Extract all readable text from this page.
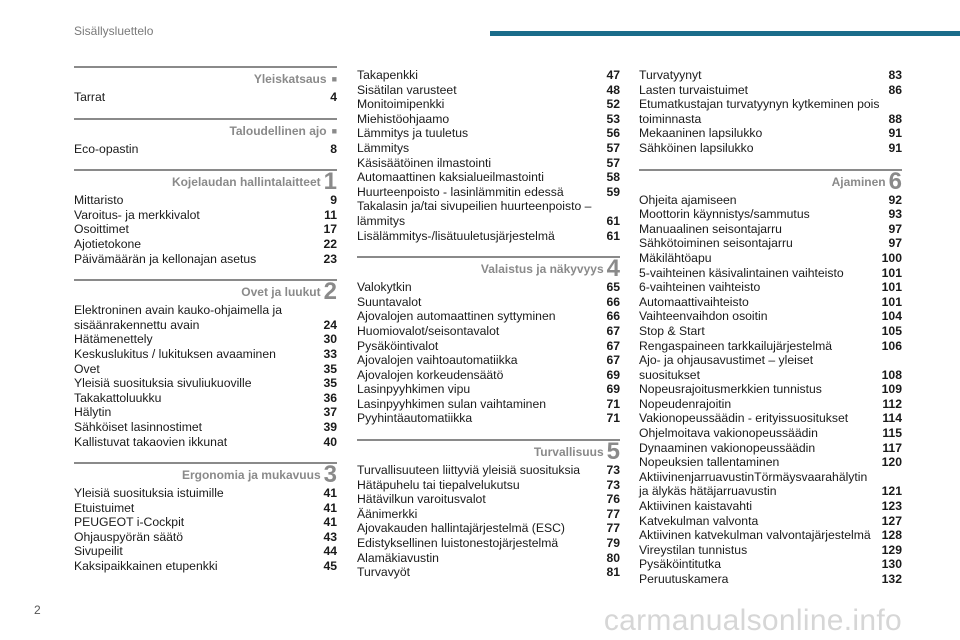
Sisällysluettelo
Yleiskatsaus ■
Tarrat	4
Taloudellinen ajo ■
Eco-opastin	8
Kojelaudan hallintalaitteet 1
Mittaristo	9
Varoitus- ja merkkivalot	11
Osoittimet	17
Ajotietokone	22
Päivämäärän ja kellonajan asetus	23
Ovet ja luukut 2
Elektroninen avain kauko-ohjaimella ja sisäänrakennettu avain	24
Hätämenettely	30
Keskuslukitus / lukituksen avaaminen	33
Ovet	35
Yleisiä suosituksia sivuliukuoville	35
Takakattoluukku	36
Hälytin	37
Sähköiset lasinnostimet	39
Kallistuvat takaovien ikkunat	40
Ergonomia ja mukavuus 3
Yleisiä suosituksia istuimille	41
Etuistuimet	41
PEUGEOT i-Cockpit	41
Ohjauspyörän säätö	43
Sivupeilit	44
Kaksipaikkainen etupenkki	45
Takapenkki	47
Sisätilan varusteet	48
Monitoimipenkki	52
Miehistöohjaamo	53
Lämmitys ja tuuletus	56
Lämmitys	57
Käsisäätöinen ilmastointi	57
Automaattinen kaksialueilmastointi	58
Huurteenpoisto - lasinlämmitin edessä	59
Takalasin ja/tai sivupeilien huurteenpoisto – lämmitys	61
Lisälämmitys-/lisätuuletusjärjestelmä	61
Valaistus ja näkyvyys 4
Valokytkin	65
Suuntavalot	66
Ajovalojen automaattinen syttyminen	66
Huomiovalot/seisontavalot	67
Pysäköintivalot	67
Ajovalojen vaihtoautomatiikka	67
Ajovalojen korkeudensäätö	69
Lasinpyyhkimen vipu	69
Lasinpyyhkimen sulan vaihtaminen	71
Pyyhintäautomatiikka	71
Turvallisuus 5
Turvallisuuteen liittyviä yleisiä suosituksia	73
Hätäpuhelu tai tiepalvelukutsu	73
Hätävilkun varoitusvalot	76
Äänimerkki	77
Ajovakauden hallintajärjestelmä (ESC)	77
Edistyksellinen luistonestojärjestelmä	79
Alamäkiavustin	80
Turvavyöt	81
Turvatyynyt	83
Lasten turvaistuimet	86
Etumatkustajan turvatyynyn kytkeminen pois toiminnasta	88
Mekaaninen lapsilukko	91
Sähköinen lapsilukko	91
Ajaminen 6
Ohjeita ajamiseen	92
Moottorin käynnistys/sammutus	93
Manuaalinen seisontajarru	97
Sähkötoiminen seisontajarru	97
Mäkilähtöapu	100
5-vaihteinen käsivalintainen vaihteisto	101
6-vaihteinen vaihteisto	101
Automaattivaihteisto	101
Vaihteenvaihdon osoitin	104
Stop & Start	105
Rengaspaineen tarkkailujärjestelmä	106
Ajo- ja ohjausavustimet – yleiset suositukset	108
Nopeusrajoitusmerkkien tunnistus	109
Nopeudenrajoitin	112
Vakionopeussäädin - erityissuositukset	114
Ohjelmoitava vakionopeussäädin	115
Dynaaminen vakionopeussäädin	117
Nopeuksien tallentaminen	120
AktiivinenjarruavustinTörmäysvaarahälytin ja älykäs hätäjarruavustin	121
Aktiivinen kaistavahti	123
Katvekulman valvonta	127
Aktiivinen katvekulman valvontajärjestelmä 128
Vireystilan tunnistus	129
Pysäköintitutka	130
Peruutuskamera	132
2	carmanualsonline.info
